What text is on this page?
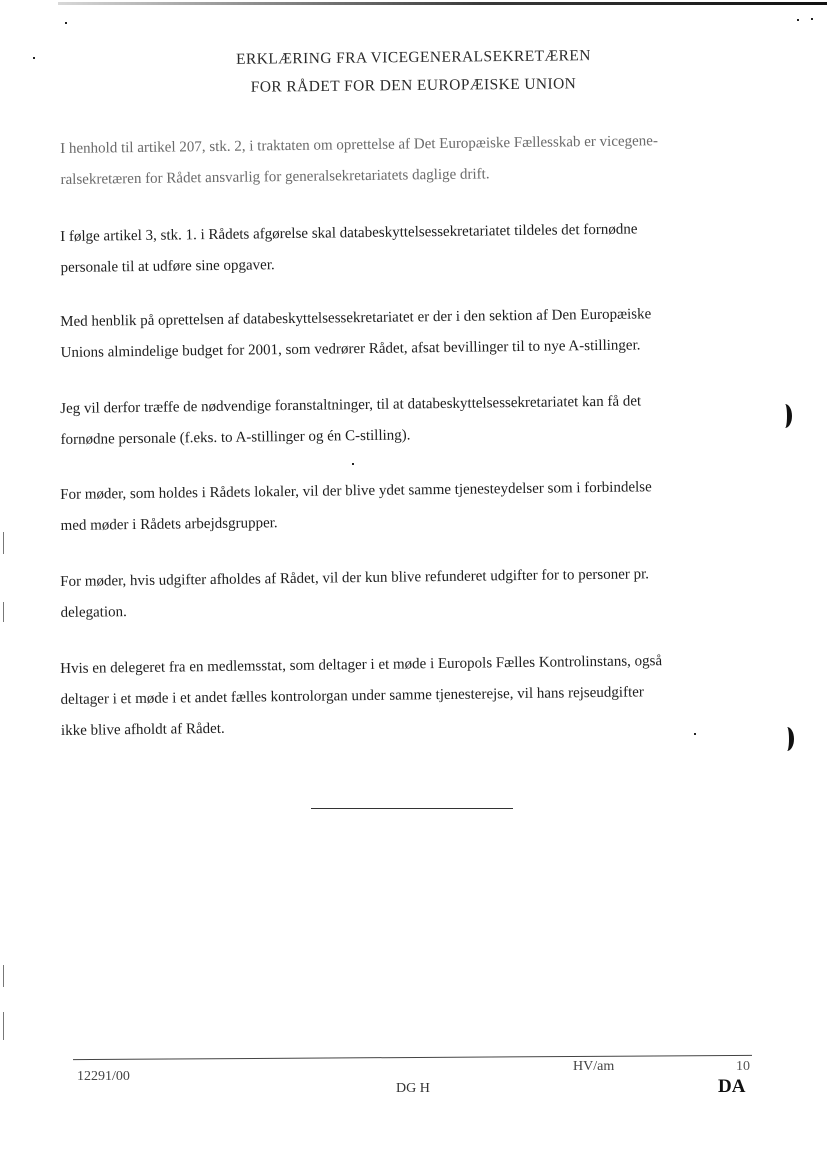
ERKLÆRING FRA VICEGENERALSEKRETÆREN
FOR RÅDET FOR DEN EUROPÆISKE UNION
I henhold til artikel 207, stk. 2, i traktaten om oprettelse af Det Europæiske Fællesskab er vicegene-
ralsekretæren for Rådet ansvarlig for generalsekretariatets daglige drift.
I følge artikel 3, stk. 1. i Rådets afgørelse skal databeskyttelsessekretariatet tildeles det fornødne
personale til at udføre sine opgaver.
Med henblik på oprettelsen af databeskyttelsessekretariatet er der i den sektion af Den Europæiske
Unions almindelige budget for 2001, som vedrører Rådet, afsat bevillinger til to nye A-stillinger.
Jeg vil derfor træffe de nødvendige foranstaltninger, til at databeskyttelsessekretariatet kan få det
fornødne personale (f.eks. to A-stillinger og én C-stilling).
For møder, som holdes i Rådets lokaler, vil der blive ydet samme tjenesteydelser som i forbindelse
med møder i Rådets arbejdsgrupper.
For møder, hvis udgifter afholdes af Rådet, vil der kun blive refunderet udgifter for to personer pr.
delegation.
Hvis en delegeret fra en medlemsstat, som deltager i et møde i Europols Fælles Kontrolinstans, også
deltager i et møde i et andet fælles kontrolorgan under samme tjenesterejse, vil hans rejseudgifter
ikke blive afholdt af Rådet.
12291/00
HV/am	10
DG H	DA
